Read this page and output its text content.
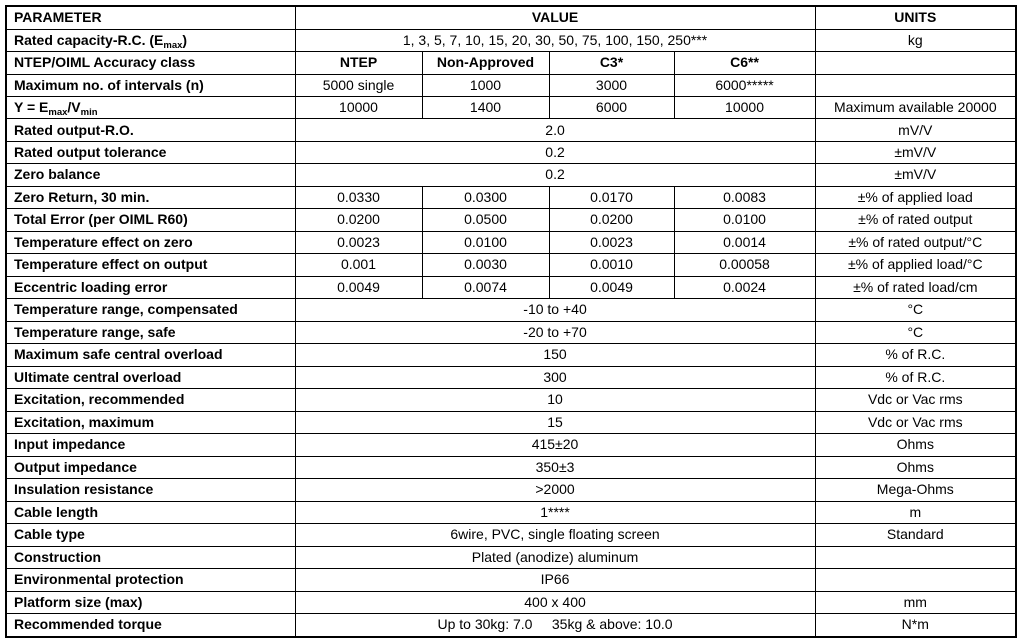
PARAMETER	VALUE				UNITS
Rated capacity-R.C. $(E_{max})$	1, 3, 5, 7, 10, 15, 20, 30, 50, 75, 100, 150, 250***				kg
NTEP/OIML Accuracy class	NTEP	Non-Approved	C3*	C6**	
Maximum no. of intervals (n)	5000 single	1000	3000	6000*****	
$Y = E_{max}/V_{min}$	10000	1400	6000	10000	Maximum available 20000
Rated output-R.O.	2.0				mV/V
Rated output tolerance	0.2				±mV/V
Zero balance	0.2				±mV/V
Zero Return, 30 min.	0.0330	0.0300	0.0170	0.0083	±% of applied load
Total Error (per OIML R60)	0.0200	0.0500	0.0200	0.0100	±% of rated output
Temperature effect on zero	0.0023	0.0100	0.0023	0.0014	±% of rated output/°C
Temperature effect on output	0.001	0.0030	0.0010	0.00058	±% of applied load/°C
Eccentric loading error	0.0049	0.0074	0.0049	0.0024	±% of rated load/cm
Temperature range, compensated	-10 to +40				°C
Temperature range, safe	-20 to +70				°C
Maximum safe central overload	150				% of R.C.
Ultimate central overload	300				% of R.C.
Excitation, recommended	10				Vdc or Vac rms
Excitation, maximum	15				Vdc or Vac rms
Input impedance	415±20				Ohms
Output impedance	350±3				Ohms
Insulation resistance	>2000				Mega-Ohms
Cable length	1****				m
Cable type	6wire, PVC, single floating screen				Standard
Construction	Plated (anodize) aluminum				
Environmental protection	IP66				
Platform size (max)	400 x 400				mm
Recommended torque	Up to 30kg: 7.0     35kg & above: 10.0				N*m
